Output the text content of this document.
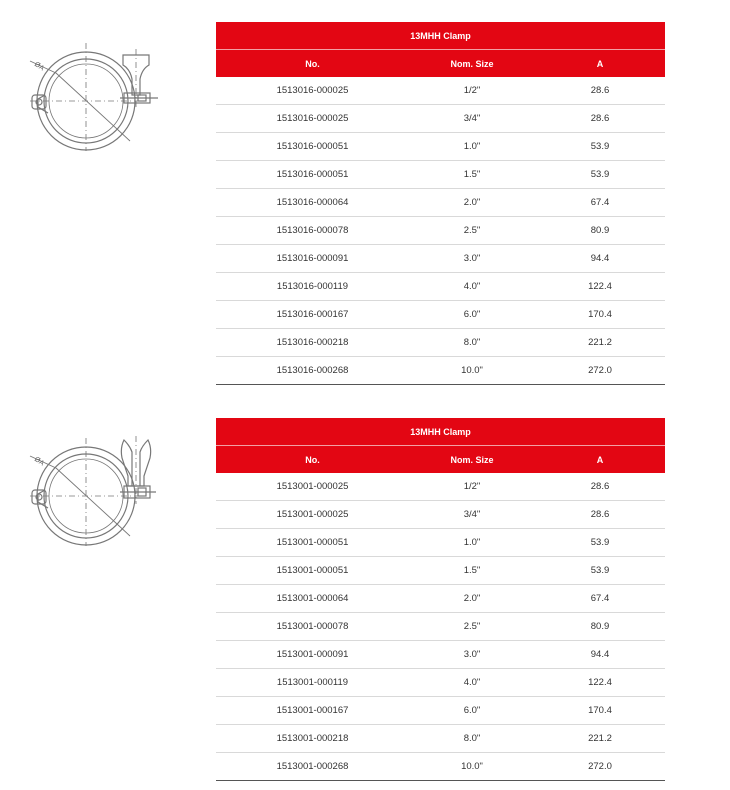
ØA
13MHH Clamp		
No.	Nom. Size	A
1513016-000025	1/2"	28.6
1513016-000025	3/4"	28.6
1513016-000051	1.0"	53.9
1513016-000051	1.5"	53.9
1513016-000064	2.0"	67.4
1513016-000078	2.5"	80.9
1513016-000091	3.0"	94.4
1513016-000119	4.0"	122.4
1513016-000167	6.0"	170.4
1513016-000218	8.0"	221.2
1513016-000268	10.0"	272.0
ØA
13MHH Clamp		
No.	Nom. Size	A
1513001-000025	1/2"	28.6
1513001-000025	3/4"	28.6
1513001-000051	1.0"	53.9
1513001-000051	1.5"	53.9
1513001-000064	2.0"	67.4
1513001-000078	2.5"	80.9
1513001-000091	3.0"	94.4
1513001-000119	4.0"	122.4
1513001-000167	6.0"	170.4
1513001-000218	8.0"	221.2
1513001-000268	10.0"	272.0
